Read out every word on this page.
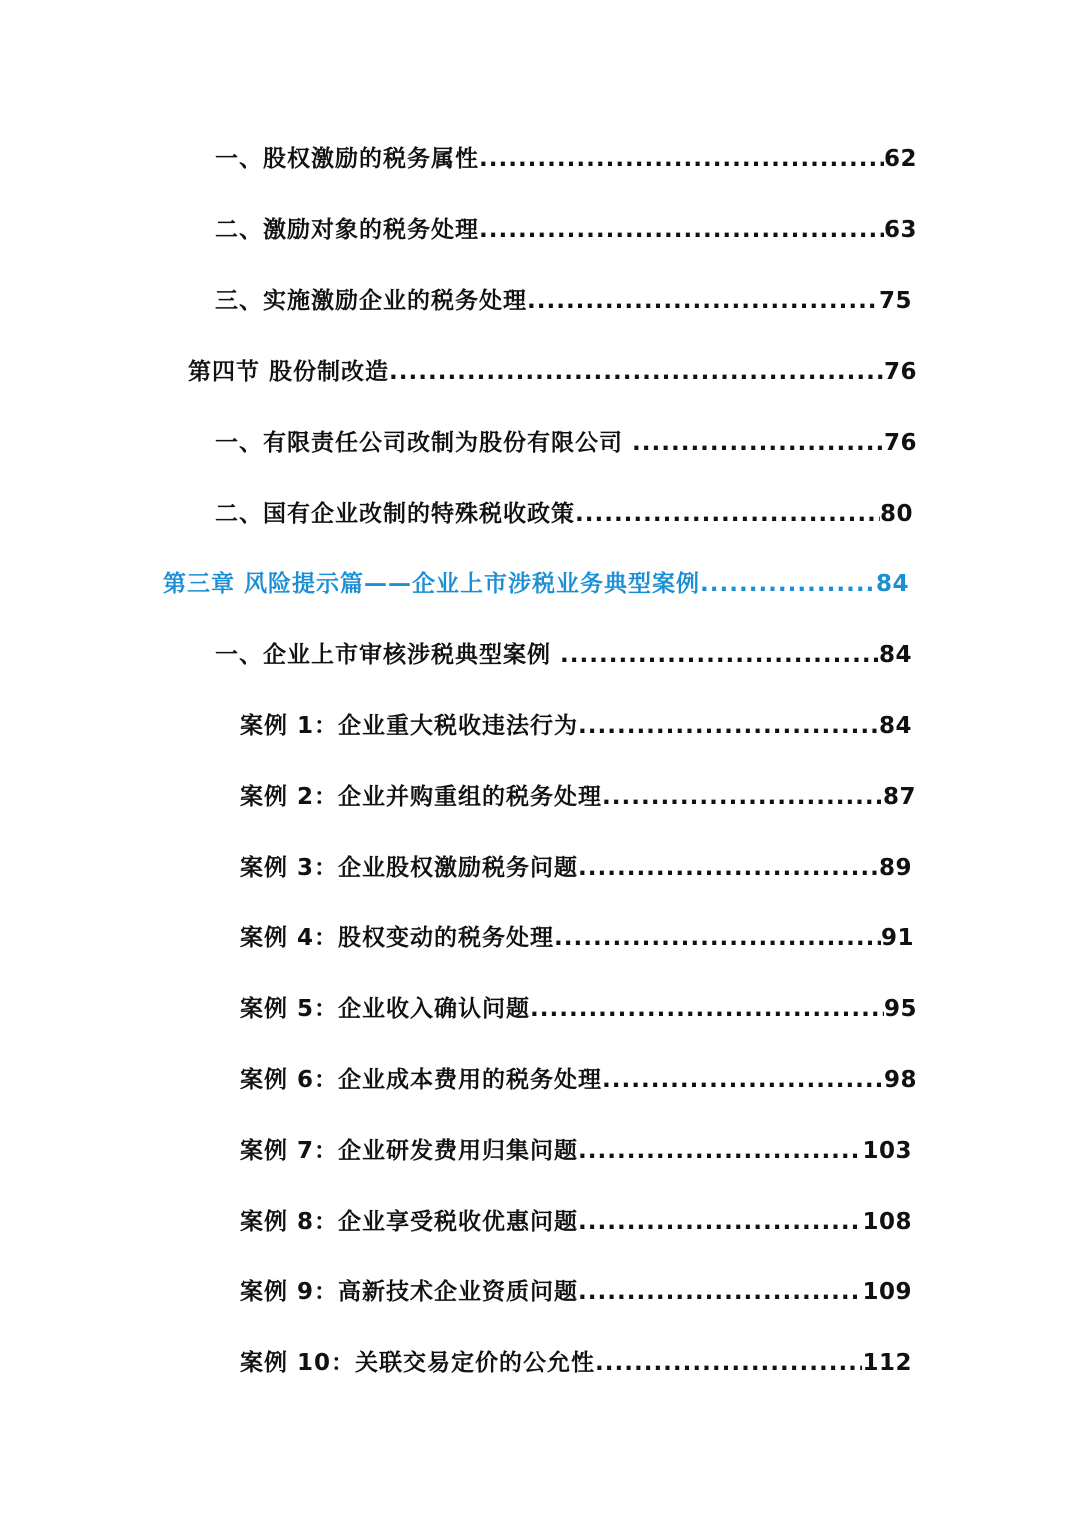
一、股权激励的税务属性 .....	62
二、激励对象的税务处理 .....	63
三、实施激励企业的税务处理 .....	75
第四节 股份制改造 .....	76
一、有限责任公司改制为股份有限公司 .....	76
二、国有企业改制的特殊税收政策 .....	80
第三章 风险提示篇——企业上市涉税业务典型案例 .....	84
一、企业上市审核涉税典型案例 .....	84
案例 1：企业重大税收违法行为 .....	84
案例 2：企业并购重组的税务处理 .....	87
案例 3：企业股权激励税务问题 .....	89
案例 4：股权变动的税务处理 .....	91
案例 5：企业收入确认问题 .....	95
案例 6：企业成本费用的税务处理 .....	98
案例 7：企业研发费用归集问题 .....	103
案例 8：企业享受税收优惠问题 .....	108
案例 9：高新技术企业资质问题 .....	109
案例 10：关联交易定价的公允性 .....	112
